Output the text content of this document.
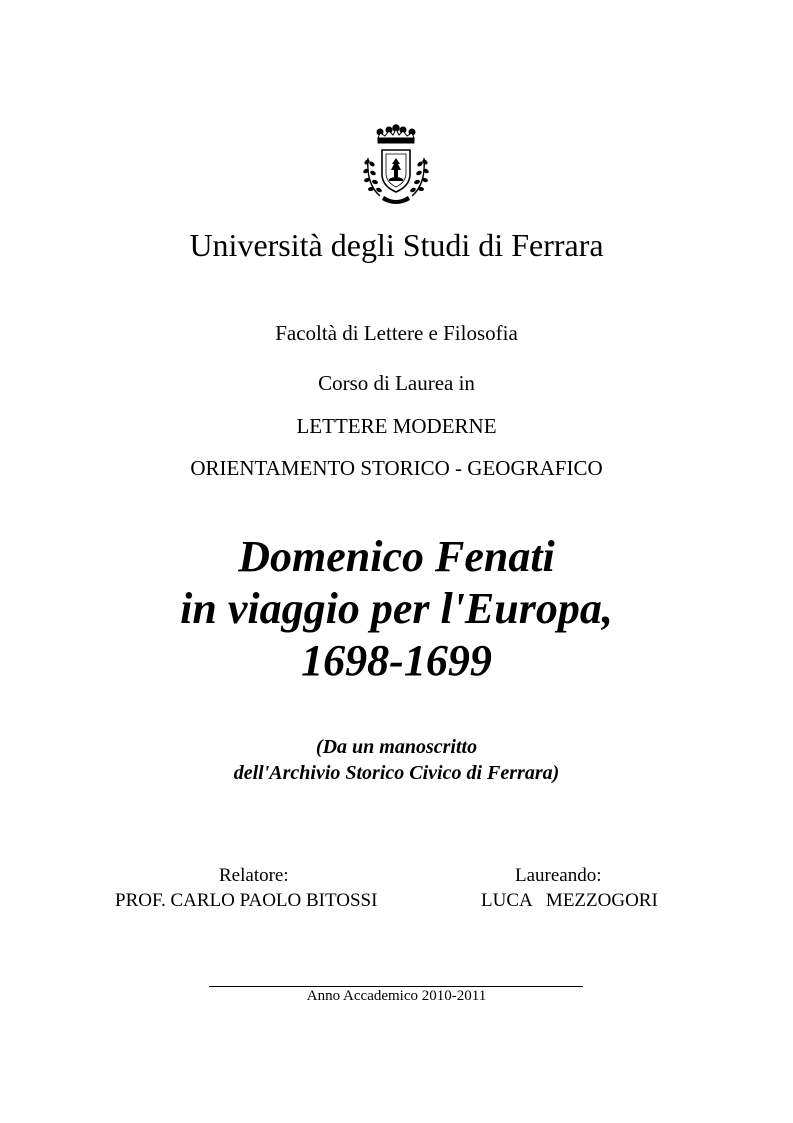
Università degli Studi di Ferrara
Facoltà di Lettere e Filosofia
Corso di Laurea in
LETTERE MODERNE
ORIENTAMENTO STORICO - GEOGRAFICO
Domenico Fenati
in viaggio per l'Europa,
1698-1699
(Da un manoscritto
dell'Archivio Storico Civico di Ferrara)
Relatore:
PROF. CARLO PAOLO BITOSSI
Laureando:
LUCA   MEZZOGORI
Anno Accademico 2010-2011
